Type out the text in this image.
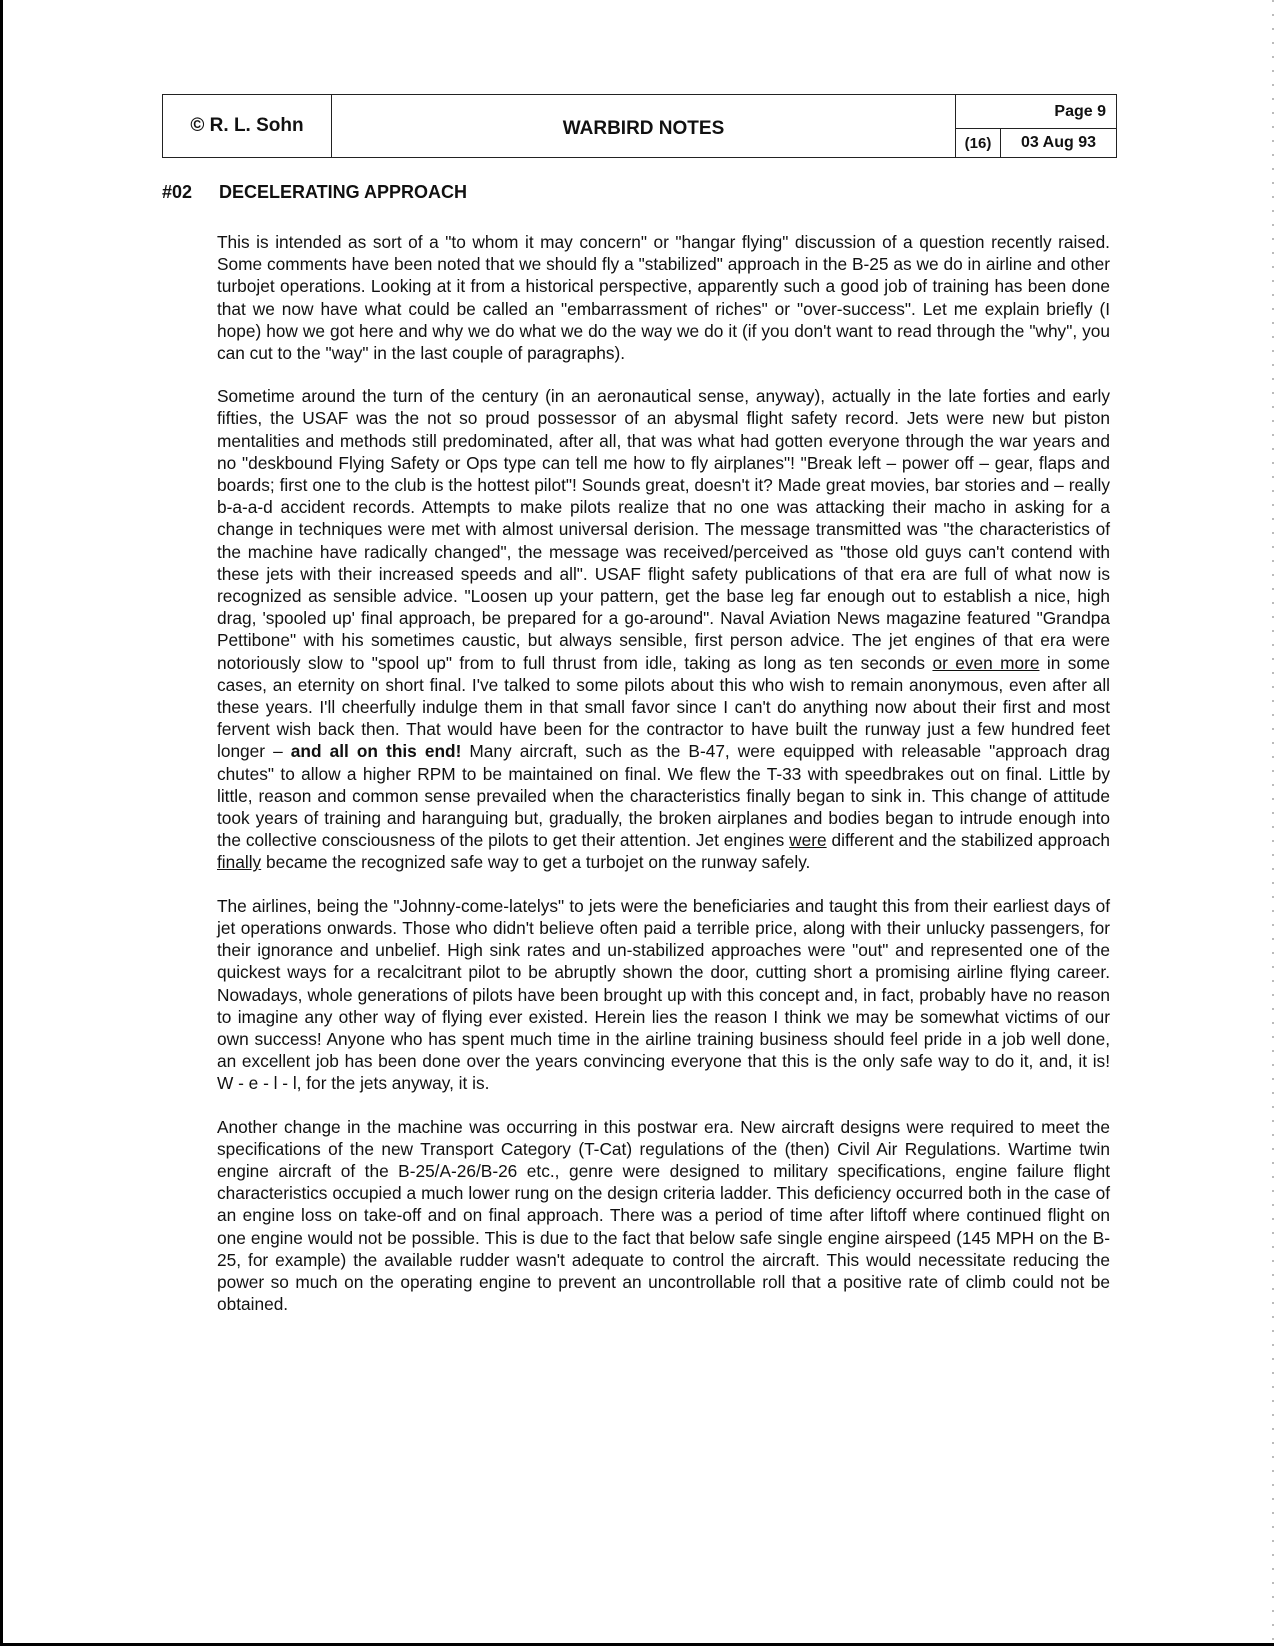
© R. L. Sohn	WARBIRD NOTES
Page 9
(16)	03 Aug 93
#02 DECELERATING APPROACH

This is intended as sort of a "to whom it may concern" or "hangar flying" discussion of a question recently raised. Some comments have been noted that we should fly a "stabilized" approach in the B-25 as we do in airline and other turbojet operations. Looking at it from a historical perspective, apparently such a good job of training has been done that we now have what could be called an "embarrassment of riches" or "over-success". Let me explain briefly (I hope) how we got here and why we do what we do the way we do it (if you don't want to read through the "why", you can cut to the "way" in the last couple of paragraphs).

Sometime around the turn of the century (in an aeronautical sense, anyway), actually in the late forties and early fifties, the USAF was the not so proud possessor of an abysmal flight safety record. Jets were new but piston mentalities and methods still predominated, after all, that was what had gotten everyone through the war years and no "deskbound Flying Safety or Ops type can tell me how to fly airplanes"! "Break left – power off – gear, flaps and boards; first one to the club is the hottest pilot"! Sounds great, doesn't it? Made great movies, bar stories and – really b-a-a-d accident records. Attempts to make pilots realize that no one was attacking their macho in asking for a change in techniques were met with almost universal derision. The message transmitted was "the characteristics of the machine have radically changed", the message was received/perceived as "those old guys can't contend with these jets with their increased speeds and all". USAF flight safety publications of that era are full of what now is recognized as sensible advice. "Loosen up your pattern, get the base leg far enough out to establish a nice, high drag, 'spooled up' final approach, be prepared for a go-around". Naval Aviation News magazine featured "Grandpa Pettibone" with his sometimes caustic, but always sensible, first person advice. The jet engines of that era were notoriously slow to "spool up" from to full thrust from idle, taking as long as ten seconds or even more in some cases, an eternity on short final. I've talked to some pilots about this who wish to remain anonymous, even after all these years. I'll cheerfully indulge them in that small favor since I can't do anything now about their first and most fervent wish back then. That would have been for the contractor to have built the runway just a few hundred feet longer – and all on this end! Many aircraft, such as the B-47, were equipped with releasable "approach drag chutes" to allow a higher RPM to be maintained on final. We flew the T-33 with speedbrakes out on final. Little by little, reason and common sense prevailed when the characteristics finally began to sink in. This change of attitude took years of training and haranguing but, gradually, the broken airplanes and bodies began to intrude enough into the collective consciousness of the pilots to get their attention. Jet engines were different and the stabilized approach finally became the recognized safe way to get a turbojet on the runway safely.

The airlines, being the "Johnny-come-latelys" to jets were the beneficiaries and taught this from their earliest days of jet operations onwards. Those who didn't believe often paid a terrible price, along with their unlucky passengers, for their ignorance and unbelief. High sink rates and un-stabilized approaches were "out" and represented one of the quickest ways for a recalcitrant pilot to be abruptly shown the door, cutting short a promising airline flying career. Nowadays, whole generations of pilots have been brought up with this concept and, in fact, probably have no reason to imagine any other way of flying ever existed. Herein lies the reason I think we may be somewhat victims of our own success! Anyone who has spent much time in the airline training business should feel pride in a job well done, an excellent job has been done over the years convincing everyone that this is the only safe way to do it, and, it is! W - e - l - l, for the jets anyway, it is.

Another change in the machine was occurring in this postwar era. New aircraft designs were required to meet the specifications of the new Transport Category (T-Cat) regulations of the (then) Civil Air Regulations. Wartime twin engine aircraft of the B-25/A-26/B-26 etc., genre were designed to military specifications, engine failure flight characteristics occupied a much lower rung on the design criteria ladder. This deficiency occurred both in the case of an engine loss on take-off and on final approach. There was a period of time after liftoff where continued flight on one engine would not be possible. This is due to the fact that below safe single engine airspeed (145 MPH on the B-25, for example) the available rudder wasn't adequate to control the aircraft. This would necessitate reducing the power so much on the operating engine to prevent an uncontrollable roll that a positive rate of climb could not be obtained.
